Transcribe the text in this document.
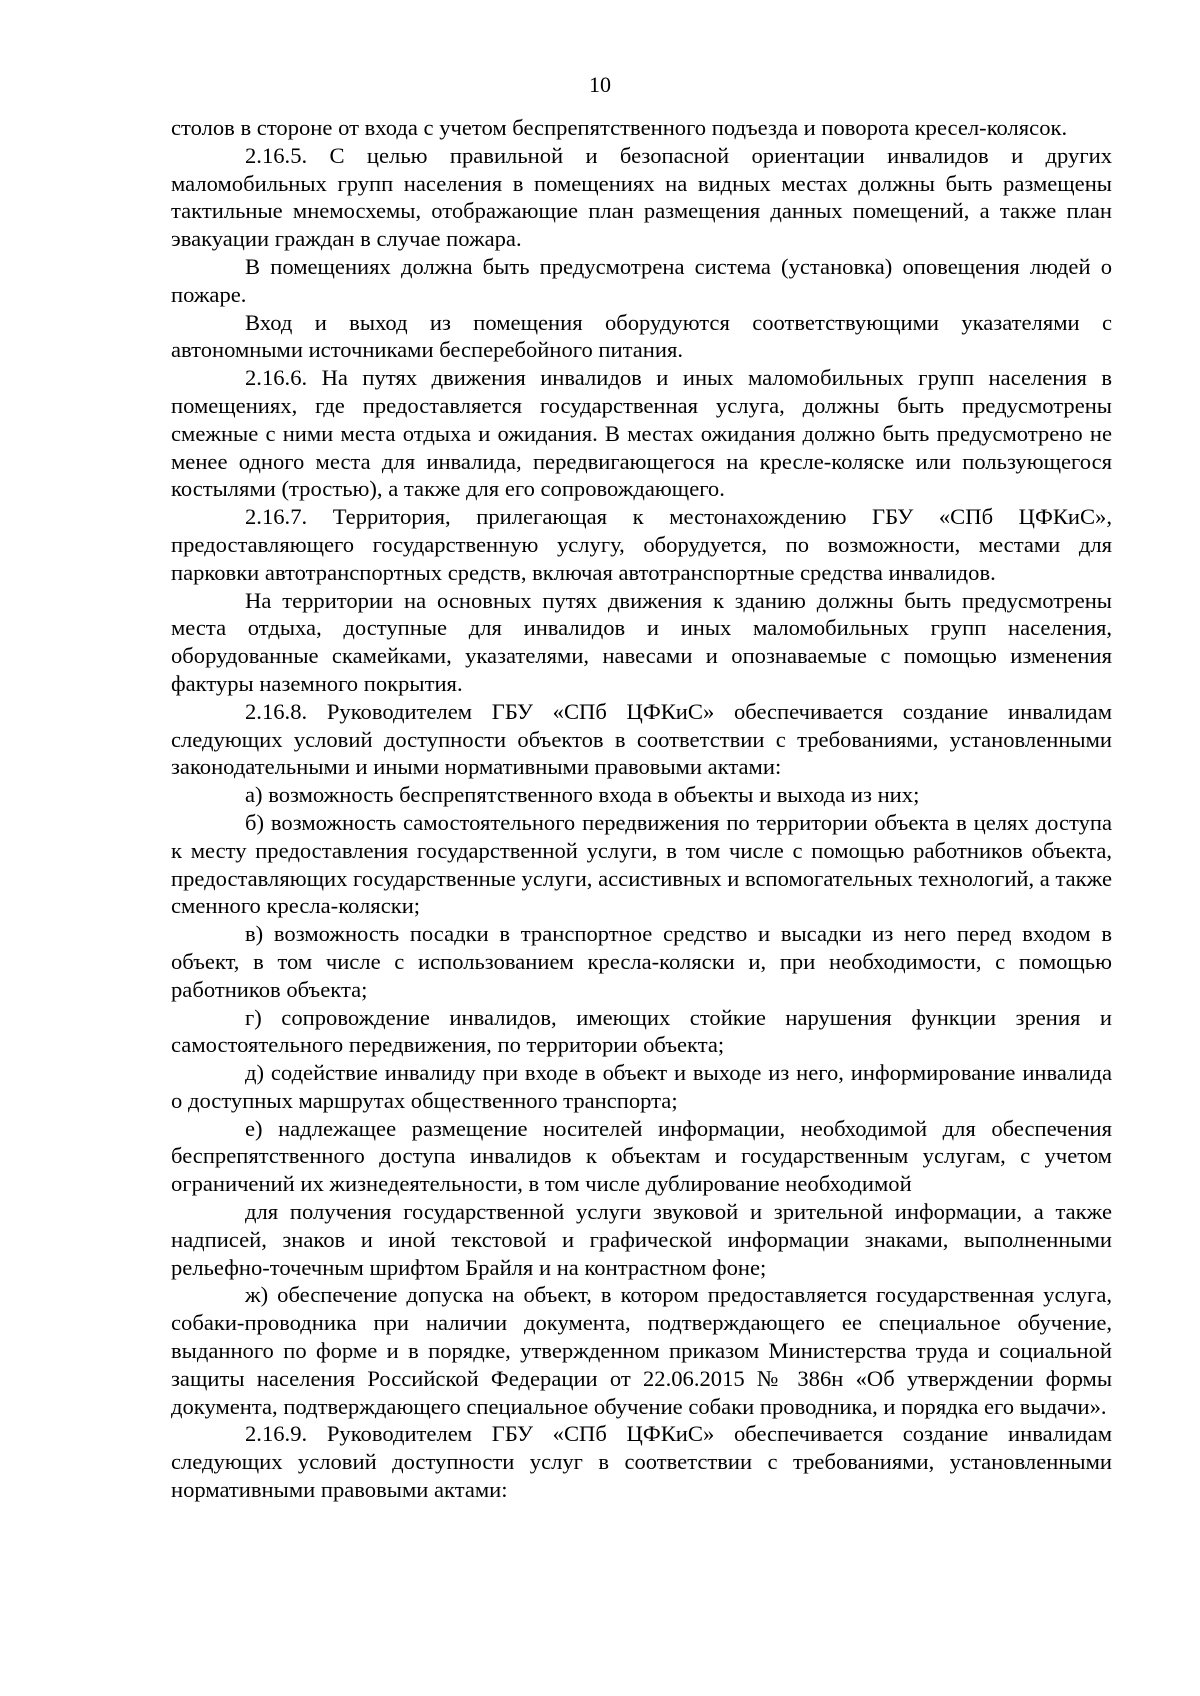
10

столов в стороне от входа с учетом беспрепятственного подъезда и поворота кресел-колясок.

2.16.5. С целью правильной и безопасной ориентации инвалидов и других маломобильных групп населения в помещениях на видных местах должны быть размещены тактильные мнемосхемы, отображающие план размещения данных помещений, а также план эвакуации граждан в случае пожара.

В помещениях должна быть предусмотрена система (установка) оповещения людей о пожаре.

Вход и выход из помещения оборудуются соответствующими указателями с автономными источниками бесперебойного питания.

2.16.6. На путях движения инвалидов и иных маломобильных групп населения в помещениях, где предоставляется государственная услуга, должны быть предусмотрены смежные с ними места отдыха и ожидания. В местах ожидания должно быть предусмотрено не менее одного места для инвалида, передвигающегося на кресле-коляске или пользующегося костылями (тростью), а также для его сопровождающего.

2.16.7. Территория, прилегающая к местонахождению ГБУ «СПб ЦФКиС», предоставляющего государственную услугу, оборудуется, по возможности, местами для парковки автотранспортных средств, включая автотранспортные средства инвалидов.

На территории на основных путях движения к зданию должны быть предусмотрены места отдыха, доступные для инвалидов и иных маломобильных групп населения, оборудованные скамейками, указателями, навесами и опознаваемые с помощью изменения фактуры наземного покрытия.

2.16.8. Руководителем ГБУ «СПб ЦФКиС» обеспечивается создание инвалидам следующих условий доступности объектов в соответствии с требованиями, установленными законодательными и иными нормативными правовыми актами:

а) возможность беспрепятственного входа в объекты и выхода из них;

б) возможность самостоятельного передвижения по территории объекта в целях доступа к месту предоставления государственной услуги, в том числе с помощью работников объекта, предоставляющих государственные услуги, ассистивных и вспомогательных технологий, а также сменного кресла-коляски;

в) возможность посадки в транспортное средство и высадки из него перед входом в объект, в том числе с использованием кресла-коляски и, при необходимости, с помощью работников объекта;

г) сопровождение инвалидов, имеющих стойкие нарушения функции зрения и самостоятельного передвижения, по территории объекта;

д) содействие инвалиду при входе в объект и выходе из него, информирование инвалида о доступных маршрутах общественного транспорта;

е) надлежащее размещение носителей информации, необходимой для обеспечения беспрепятственного доступа инвалидов к объектам и государственным услугам, с учетом ограничений их жизнедеятельности, в том числе дублирование необходимой

для получения государственной услуги звуковой и зрительной информации, а также надписей, знаков и иной текстовой и графической информации знаками, выполненными рельефно-точечным шрифтом Брайля и на контрастном фоне;

ж) обеспечение допуска на объект, в котором предоставляется государственная услуга, собаки-проводника при наличии документа, подтверждающего ее специальное обучение, выданного по форме и в порядке, утвержденном приказом Министерства труда и социальной защиты населения Российской Федерации от 22.06.2015 № 386н «Об утверждении формы документа, подтверждающего специальное обучение собаки проводника, и порядка его выдачи».

2.16.9. Руководителем ГБУ «СПб ЦФКиС» обеспечивается создание инвалидам следующих условий доступности услуг в соответствии с требованиями, установленными нормативными правовыми актами:
